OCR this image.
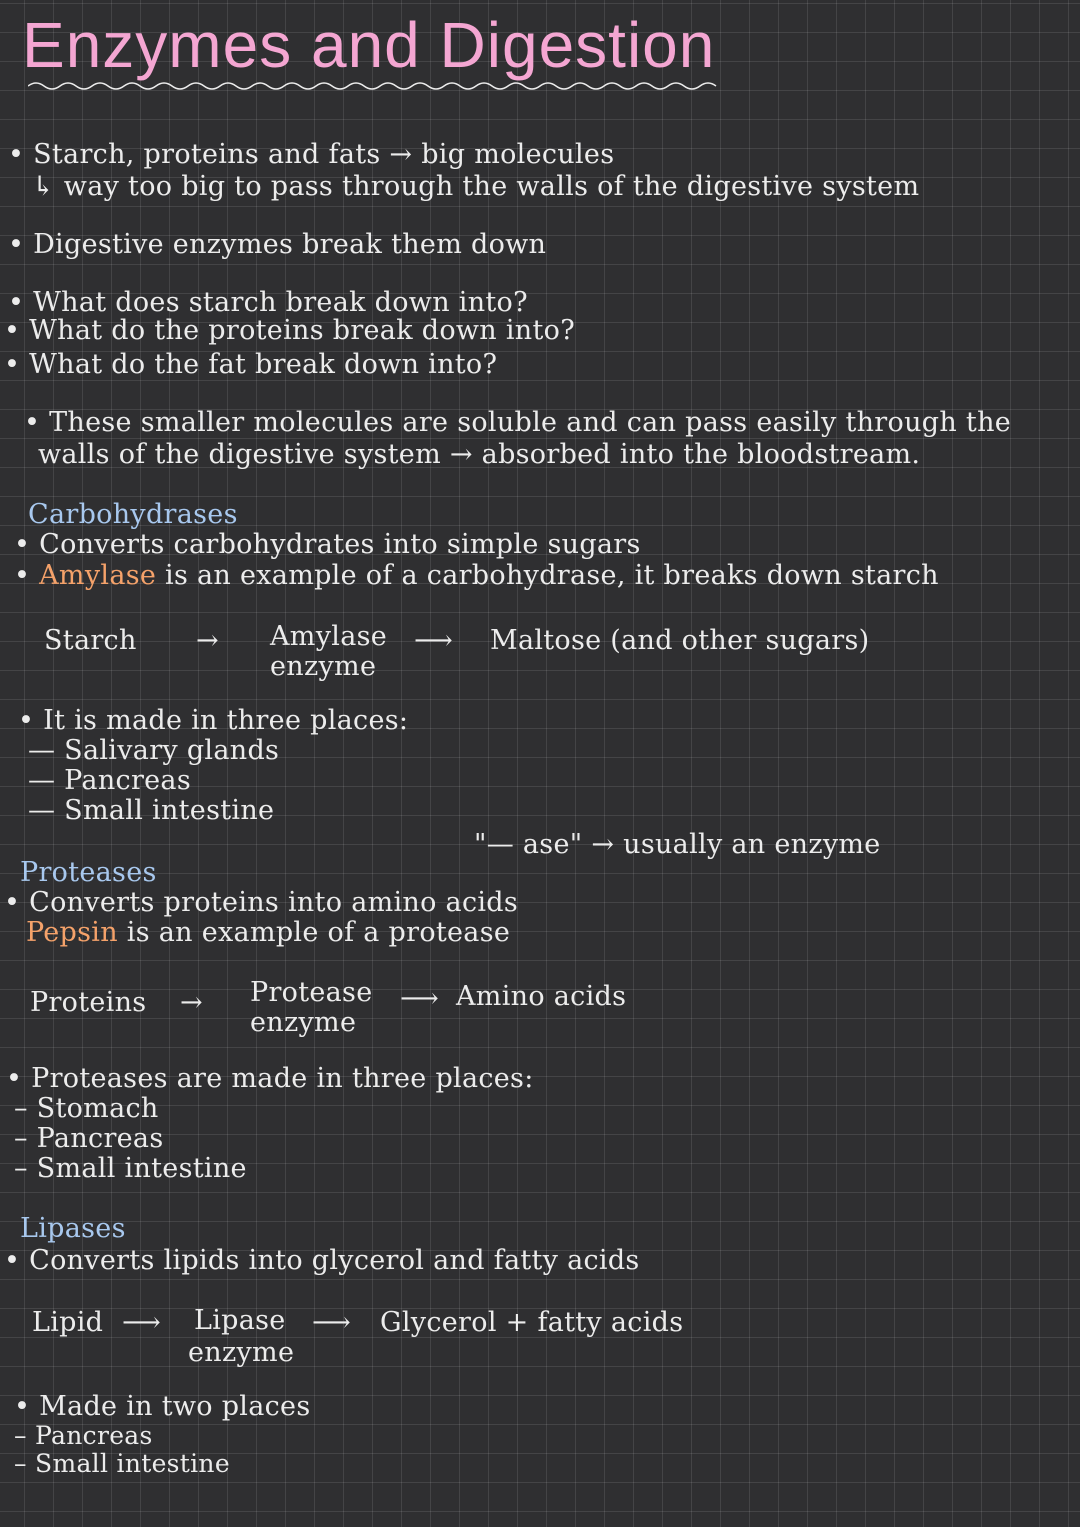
Enzymes and Digestion
• Starch, proteins and fats → big molecules
↳ way too big to pass through the walls of the digestive system
• Digestive enzymes break them down
• What does starch break down into?
• What do the proteins break down into?
• What do the fat break down into?
• These smaller molecules are soluble and can pass easily through the
walls of the digestive system → absorbed into the bloodstream.
Carbohydrases
• Converts carbohydrates into simple sugars
• Amylase is an example of a carbohydrase, it breaks down starch
Starch → Amylase
enzyme
⟶ Maltose (and other sugars)
• It is made in three places:
— Salivary glands
— Pancreas
— Small intestine
"— ase" → usually an enzyme
Proteases
• Converts proteins into amino acids
Pepsin is an example of a protease
Proteins → Protease
enzyme
⟶ Amino acids
• Proteases are made in three places:
– Stomach
– Pancreas
– Small intestine
Lipases
• Converts lipids into glycerol and fatty acids
Lipid ⟶ Lipase
enzyme
⟶ Glycerol + fatty acids
• Made in two places
– Pancreas
– Small intestine
